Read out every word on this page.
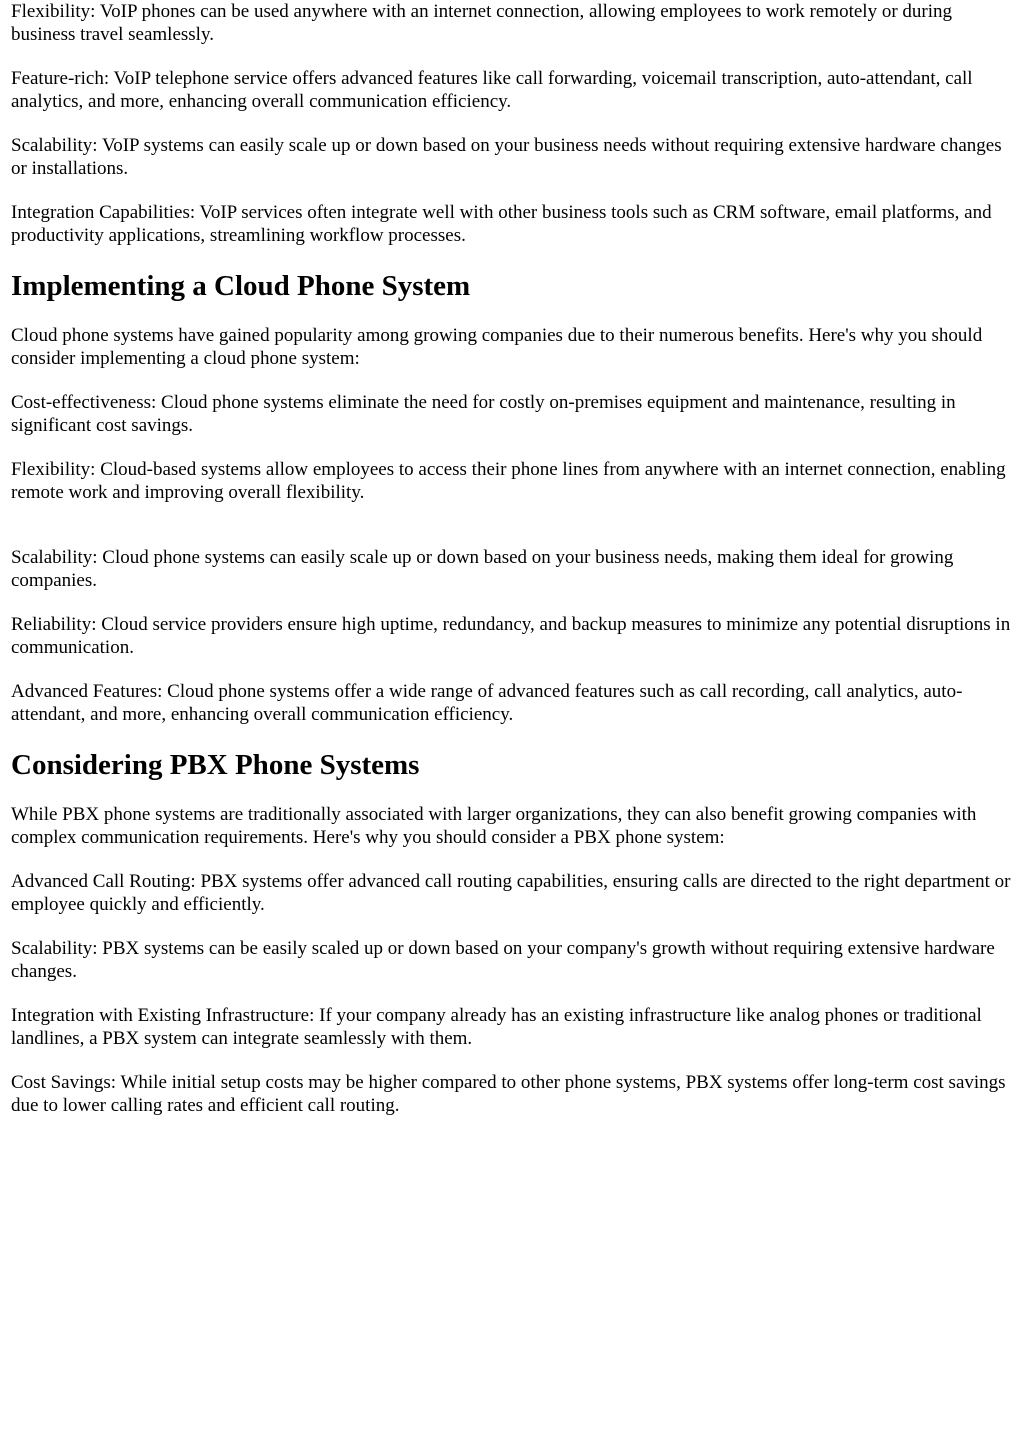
Flexibility: VoIP phones can be used anywhere with an internet connection, allowing employees to work remotely or during business travel seamlessly.

Feature-rich: VoIP telephone service offers advanced features like call forwarding, voicemail transcription, auto-attendant, call analytics, and more, enhancing overall communication efficiency.

Scalability: VoIP systems can easily scale up or down based on your business needs without requiring extensive hardware changes or installations.

Integration Capabilities: VoIP services often integrate well with other business tools such as CRM software, email platforms, and productivity applications, streamlining workflow processes.

Implementing a Cloud Phone System

Cloud phone systems have gained popularity among growing companies due to their numerous benefits. Here's why you should consider implementing a cloud phone system:

Cost-effectiveness: Cloud phone systems eliminate the need for costly on-premises equipment and maintenance, resulting in significant cost savings.

Flexibility: Cloud-based systems allow employees to access their phone lines from anywhere with an internet connection, enabling remote work and improving overall flexibility.

Scalability: Cloud phone systems can easily scale up or down based on your business needs, making them ideal for growing companies.

Reliability: Cloud service providers ensure high uptime, redundancy, and backup measures to minimize any potential disruptions in communication.

Advanced Features: Cloud phone systems offer a wide range of advanced features such as call recording, call analytics, auto-attendant, and more, enhancing overall communication efficiency.

Considering PBX Phone Systems

While PBX phone systems are traditionally associated with larger organizations, they can also benefit growing companies with complex communication requirements. Here's why you should consider a PBX phone system:

Advanced Call Routing: PBX systems offer advanced call routing capabilities, ensuring calls are directed to the right department or employee quickly and efficiently.

Scalability: PBX systems can be easily scaled up or down based on your company's growth without requiring extensive hardware changes.

Integration with Existing Infrastructure: If your company already has an existing infrastructure like analog phones or traditional landlines, a PBX system can integrate seamlessly with them.

Cost Savings: While initial setup costs may be higher compared to other phone systems, PBX systems offer long-term cost savings due to lower calling rates and efficient call routing.
